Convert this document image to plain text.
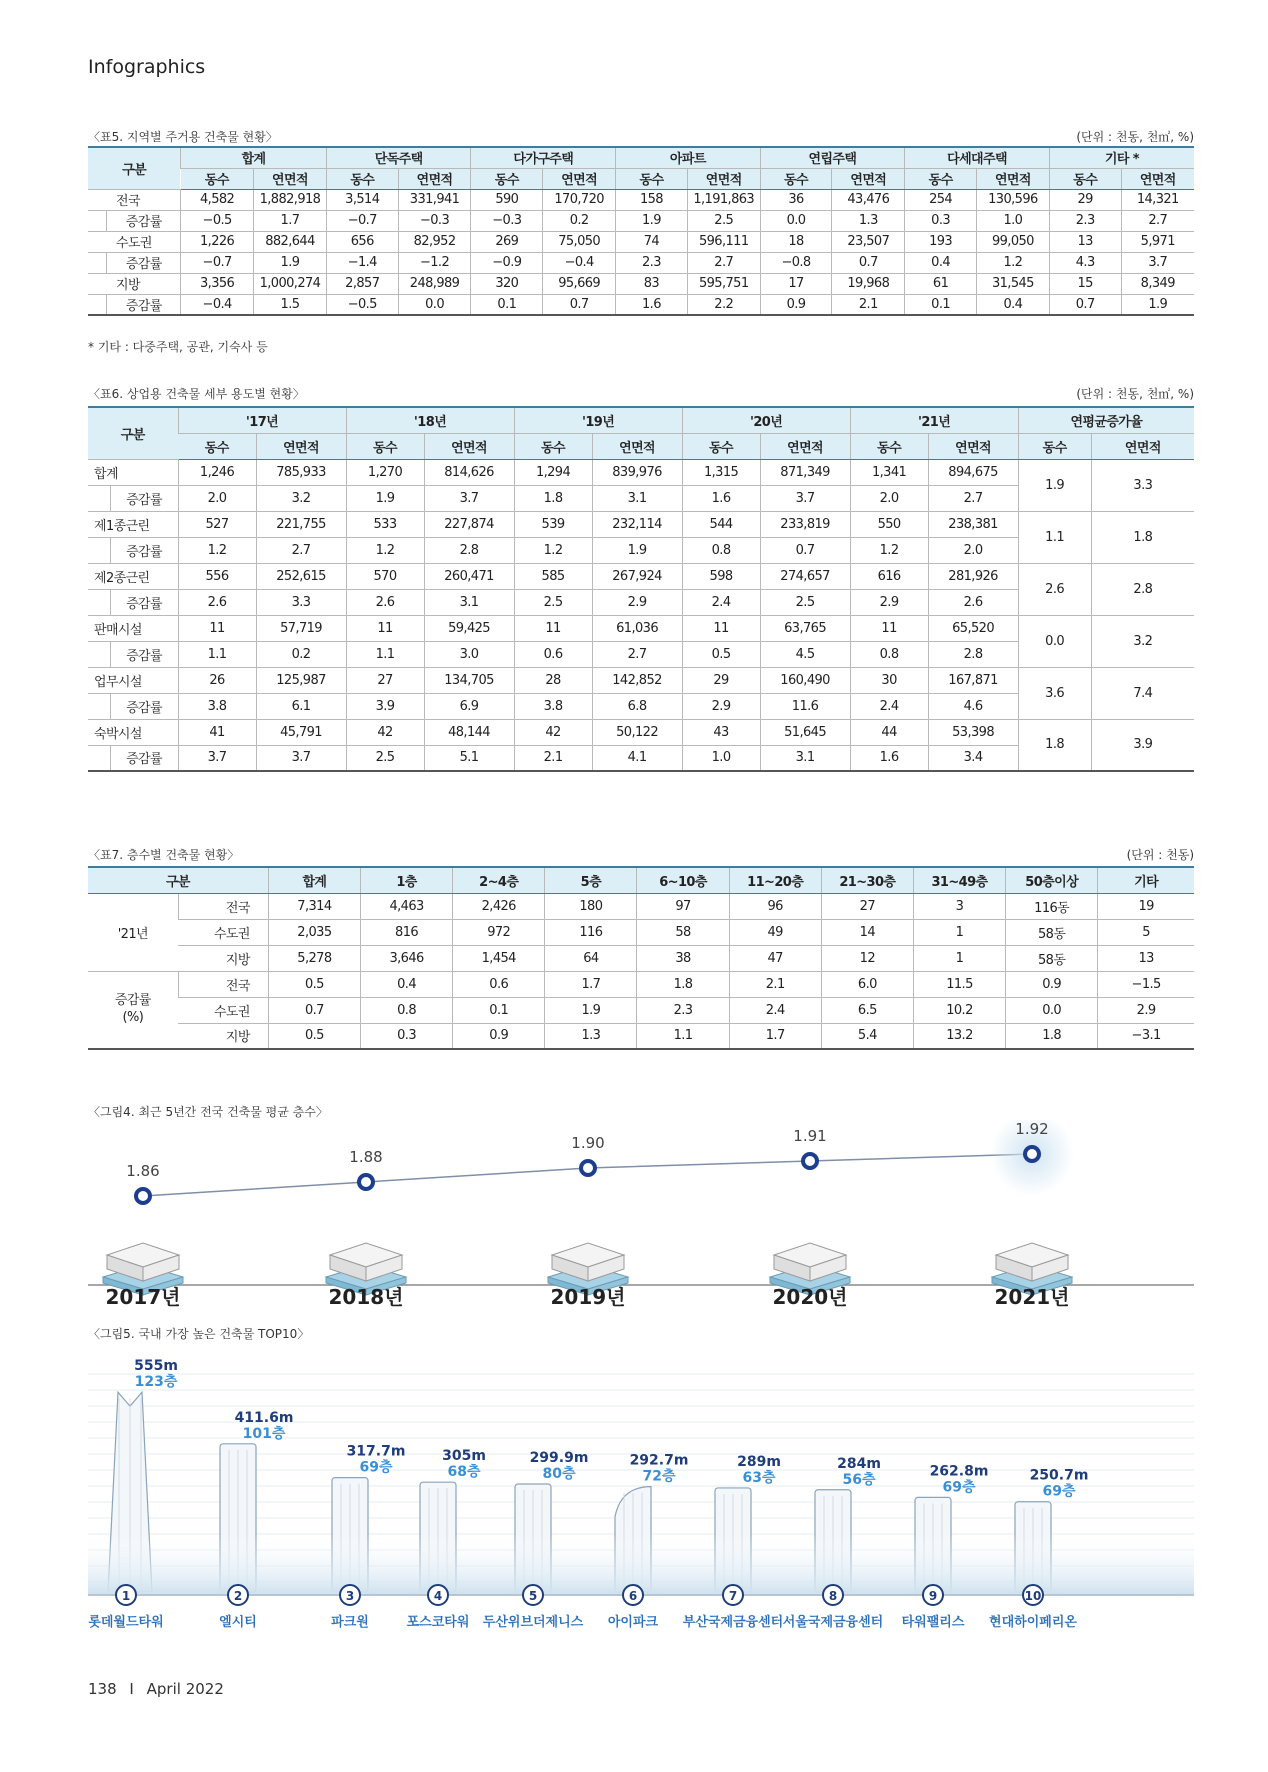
Infographics
〈표5. 지역별 주거용 건축물 현황〉	(단위 : 천동, 천㎡, %)
구분		합계		단독주택		다가구주택		아파트		연립주택		다세대주택		기타 *	
		동수	연면적	동수	연면적	동수	연면적	동수	연면적	동수	연면적	동수	연면적	동수	연면적
전국		4,582	1,882,918	3,514	331,941	590	170,720	158	1,191,863	36	43,476	254	130,596	29	14,321
	증감률	−0.5	1.7	−0.7	−0.3	−0.3	0.2	1.9	2.5	0.0	1.3	0.3	1.0	2.3	2.7
수도권		1,226	882,644	656	82,952	269	75,050	74	596,111	18	23,507	193	99,050	13	5,971
	증감률	−0.7	1.9	−1.4	−1.2	−0.9	−0.4	2.3	2.7	−0.8	0.7	0.4	1.2	4.3	3.7
지방		3,356	1,000,274	2,857	248,989	320	95,669	83	595,751	17	19,968	61	31,545	15	8,349
	증감률	−0.4	1.5	−0.5	0.0	0.1	0.7	1.6	2.2	0.9	2.1	0.1	0.4	0.7	1.9
* 기타 : 다중주택, 공관, 기숙사 등
〈표6. 상업용 건축물 세부 용도별 현황〉	(단위 : 천동, 천㎡, %)
구분		'17년		'18년		'19년		'20년		'21년		연평균증가율	
		동수	연면적	동수	연면적	동수	연면적	동수	연면적	동수	연면적	동수	연면적
합계		1,246	785,933	1,270	814,626	1,294	839,976	1,315	871,349	1,341	894,675	1.9	3.3
	증감률	2.0	3.2	1.9	3.7	1.8	3.1	1.6	3.7	2.0	2.7		
제1종근린		527	221,755	533	227,874	539	232,114	544	233,819	550	238,381	1.1	1.8
	증감률	1.2	2.7	1.2	2.8	1.2	1.9	0.8	0.7	1.2	2.0		
제2종근린		556	252,615	570	260,471	585	267,924	598	274,657	616	281,926	2.6	2.8
	증감률	2.6	3.3	2.6	3.1	2.5	2.9	2.4	2.5	2.9	2.6		
판매시설		11	57,719	11	59,425	11	61,036	11	63,765	11	65,520	0.0	3.2
	증감률	1.1	0.2	1.1	3.0	0.6	2.7	0.5	4.5	0.8	2.8		
업무시설		26	125,987	27	134,705	28	142,852	29	160,490	30	167,871	3.6	7.4
	증감률	3.8	6.1	3.9	6.9	3.8	6.8	2.9	11.6	2.4	4.6		
숙박시설		41	45,791	42	48,144	42	50,122	43	51,645	44	53,398	1.8	3.9
	증감률	3.7	3.7	2.5	5.1	2.1	4.1	1.0	3.1	1.6	3.4		
〈표7. 층수별 건축물 현황〉	(단위 : 천동)
구분		합계	1층	2~4층	5층	6~10층	11~20층	21~30층	31~49층	50층이상	기타

'21년	전국	7,314	4,463	2,426	180	97	96	27	3	116동	19
	수도권	2,035	816	972	116	58	49	14	1	58동	5
	지방	5,278	3,646	1,454	64	38	47	12	1	58동	13

증감률
(%)	전국	0.5	0.4	0.6	1.7	1.8	2.1	6.0	11.5	0.9	−1.5
	수도권	0.7	0.8	0.1	1.9	2.3	2.4	6.5	10.2	0.0	2.9
	지방	0.5	0.3	0.9	1.3	1.1	1.7	5.4	13.2	1.8	−3.1
〈그림4. 최근 5년간 전국 건축물 평균 층수〉
1.86
2017년
1.88
2018년
1.90
2019년
1.91
2020년
1.92
2021년
〈그림5. 국내 가장 높은 건축물 TOP10〉
555m
123층
411.6m
101층
317.7m
69층
305m
68층
299.9m
80층
292.7m
72층
289m
63층
284m
56층
262.8m
69층
250.7m
69층
1
롯데월드타워
2
엘시티
3
파크원
4
포스코타워
5
두산위브더제니스
6
아이파크
7
부산국제금융센터
8
서울국제금융센터
9
타워팰리스
10
현대하이페리온
138 I April 2022
